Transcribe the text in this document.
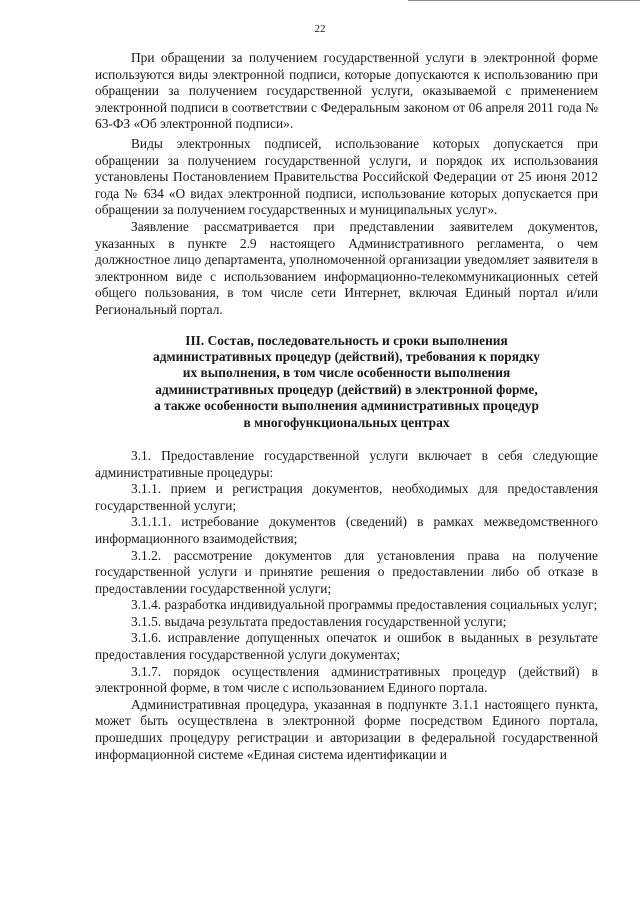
22

При обращении за получением государственной услуги в электронной форме используются виды электронной подписи, которые допускаются к использованию при обращении за получением государственной услуги, оказываемой с применением электронной подписи в соответствии с Федеральным законом от 06 апреля 2011 года № 63-ФЗ «Об электронной подписи».

Виды электронных подписей, использование которых допускается при обращении за получением государственной услуги, и порядок их использования установлены Постановлением Правительства Российской Федерации от 25 июня 2012 года № 634 «О видах электронной подписи, использование которых допускается при обращении за получением государственных и муниципальных услуг».

Заявление рассматривается при представлении заявителем документов, указанных в пункте 2.9 настоящего Административного регламента, о чем должностное лицо департамента, уполномоченной организации уведомляет заявителя в электронном виде с использованием информационно-телекоммуникационных сетей общего пользования, в том числе сети Интернет, включая Единый портал и/или Региональный портал.

III. Состав, последовательность и сроки выполнения
административных процедур (действий), требования к порядку
их выполнения, в том числе особенности выполнения
административных процедур (действий) в электронной форме,
а также особенности выполнения административных процедур
в многофункциональных центрах

3.1. Предоставление государственной услуги включает в себя следующие административные процедуры:

3.1.1. прием и регистрация документов, необходимых для предоставления государственной услуги;

3.1.1.1. истребование документов (сведений) в рамках межведомственного информационного взаимодействия;

3.1.2. рассмотрение документов для установления права на получение государственной услуги и принятие решения о предоставлении либо об отказе в предоставлении государственной услуги;

3.1.4. разработка индивидуальной программы предоставления социальных услуг;

3.1.5. выдача результата предоставления государственной услуги;

3.1.6. исправление допущенных опечаток и ошибок в выданных в результате предоставления государственной услуги документах;

3.1.7. порядок осуществления административных процедур (действий) в электронной форме, в том числе с использованием Единого портала.

Административная процедура, указанная в подпункте 3.1.1 настоящего пункта, может быть осуществлена в электронной форме посредством Единого портала, прошедших процедуру регистрации и авторизации в федеральной государственной информационной системе «Единая система идентификации и
